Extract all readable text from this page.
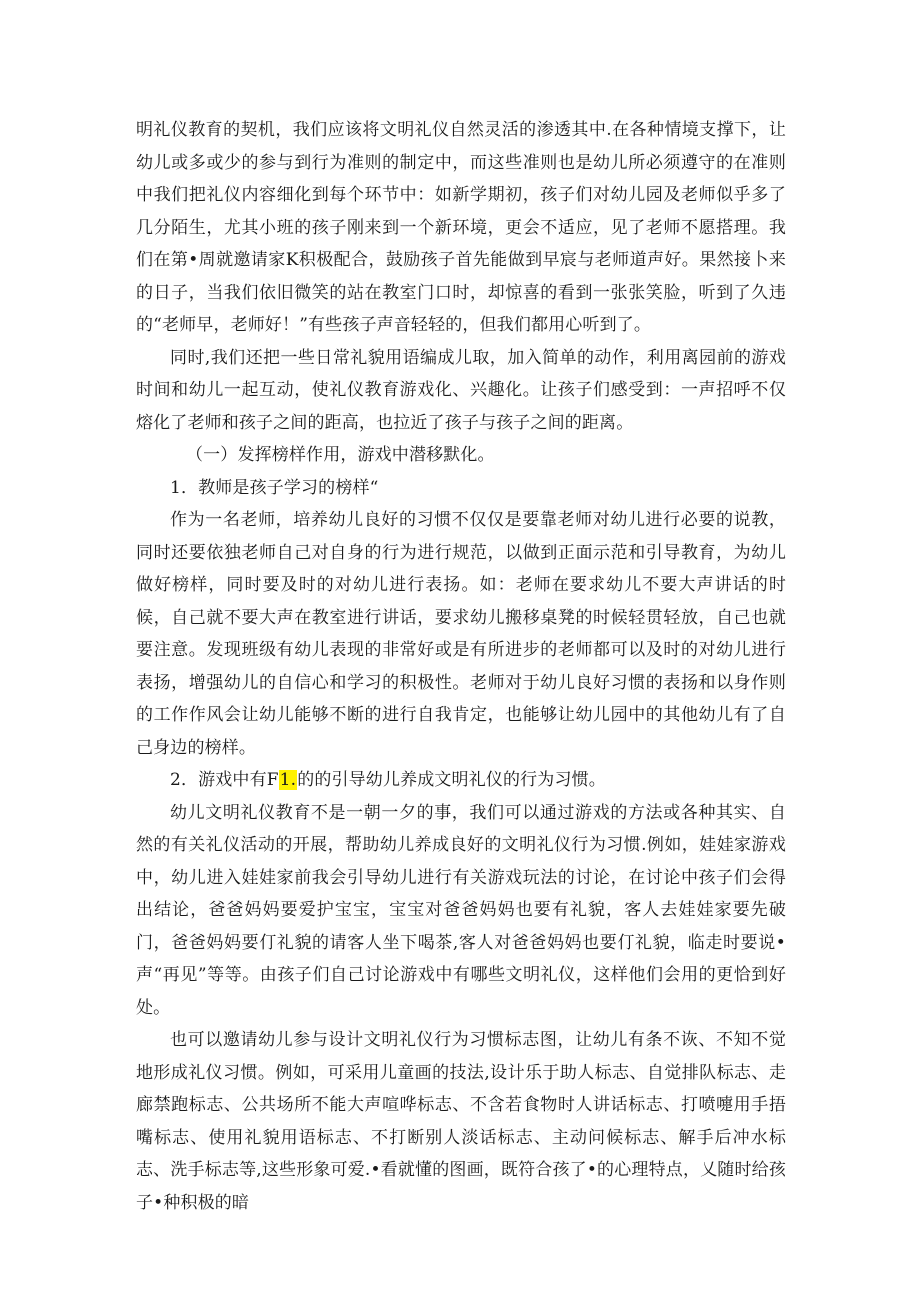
明礼仪教育的契机，我们应该将文明礼仪自然灵活的渗透其中.在各种情境支撑下，让幼儿或多或少的参与到行为准则的制定中，而这些准则也是幼儿所必须遵守的在准则中我们把礼仪内容细化到每个环节中：如新学期初，孩子们对幼儿园及老师似乎多了几分陌生，尤其小班的孩子刚来到一个新环境，更会不适应，见了老师不愿搭理。我们在第•周就邀请家K积极配合，鼓励孩子首先能做到早宸与老师道声好。果然接卜来的日子，当我们依旧微笑的站在教室门口时，却惊喜的看到一张张笑脸，听到了久违的“老师早，老师好！”有些孩子声音轻轻的，但我们都用心听到了。

同时,我们还把一些日常礼貌用语编成儿取，加入简单的动作，利用离园前的游戏时间和幼儿一起互动，使礼仪教育游戏化、兴趣化。让孩子们感受到：一声招呼不仅熔化了老师和孩子之间的距高，也拉近了孩子与孩子之间的距离。

（一）发挥榜样作用，游戏中潜移默化。

1．教师是孩子学习的榜样“

作为一名老师，培养幼儿良好的习惯不仅仅是要靠老师对幼儿进行必要的说教，同时还要依独老师自己对自身的行为进行规范，以做到正面示范和引导教育，为幼儿做好榜样，同时要及时的对幼儿进行表扬。如：老师在要求幼儿不要大声讲话的时候，自己就不要大声在教室进行讲话，要求幼儿搬移桌凳的时候轻贯轻放，自己也就要注意。发现班级有幼儿表现的非常好或是有所进步的老师都可以及时的对幼儿进行表扬，增强幼儿的自信心和学习的积极性。老师对于幼儿良好习惯的表扬和以身作则的工作作风会让幼儿能够不断的进行自我肯定，也能够让幼儿园中的其他幼儿有了自己身边的榜样。

2．游戏中有F1.的的引导幼儿养成文明礼仪的行为习惯。

幼儿文明礼仪教育不是一朝一夕的事，我们可以通过游戏的方法或各种其实、自然的有关礼仪活动的开展，帮助幼儿养成良好的文明礼仪行为习惯.例如，娃娃家游戏中，幼儿进入娃娃家前我会引导幼儿进行有关游戏玩法的讨论，在讨论中孩子们会得出结论，爸爸妈妈要爱护宝宝，宝宝对爸爸妈妈也要有礼貌，客人去娃娃家要先破门，爸爸妈妈要仃礼貌的请客人坐下喝茶,客人对爸爸妈妈也要仃礼貌，临走时要说•声“再见”等等。由孩子们自己讨论游戏中有哪些文明礼仪，这样他们会用的更恰到好处。

也可以邀请幼儿参与设计文明礼仪行为习惯标志图，让幼儿有条不诙、不知不觉地形成礼仪习惯。例如，可采用儿童画的技法,设计乐于助人标志、自觉排队标志、走廊禁跑标志、公共场所不能大声喧哗标志、不含若食物时人讲话标志、打喷嚏用手捂嘴标志、使用礼貌用语标志、不打断别人淡话标志、主动问候标志、解手后冲水标志、洗手标志等,这些形象可爱.•看就懂的图画，既符合孩了•的心理特点，乂随时给孩子•种积极的暗
